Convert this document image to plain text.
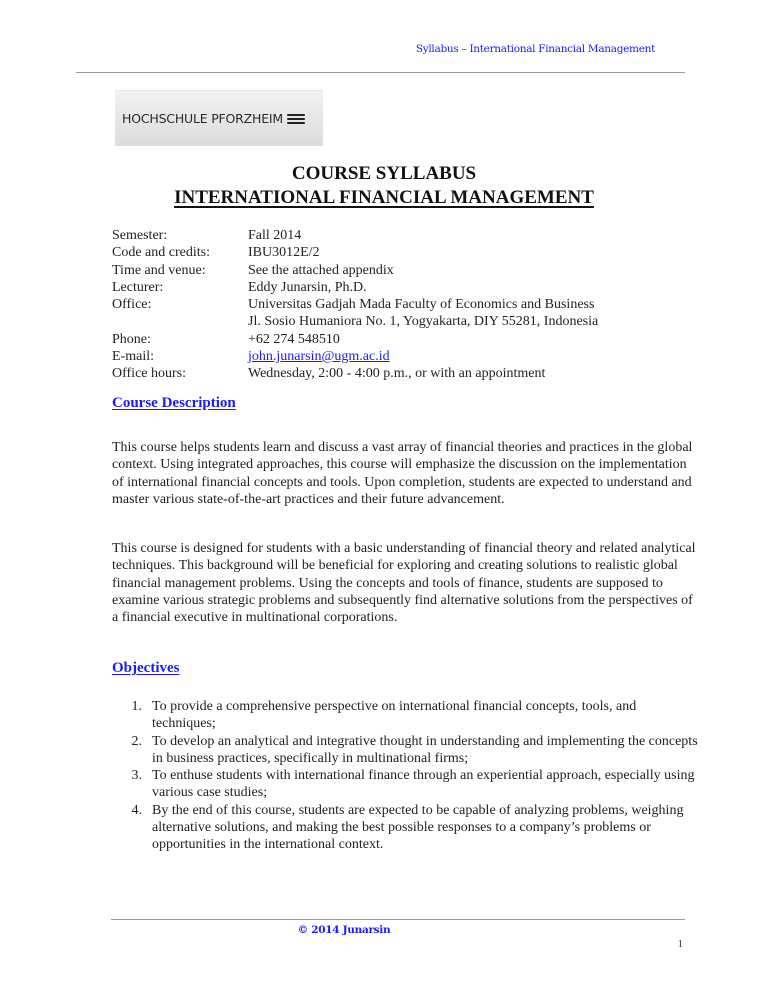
Syllabus – International Financial Management
HOCHSCHULE PFORZHEIM
COURSE SYLLABUS
INTERNATIONAL FINANCIAL MANAGEMENT
Semester:	Fall 2014
Code and credits:	IBU3012E/2
Time and venue:	See the attached appendix
Lecturer:	Eddy Junarsin, Ph.D.
Office:	Universitas Gadjah Mada Faculty of Economics and Business
Jl. Sosio Humaniora No. 1, Yogyakarta, DIY 55281, Indonesia
Phone:	+62 274 548510
E-mail:	john.junarsin@ugm.ac.id
Office hours:	Wednesday, 2:00 - 4:00 p.m., or with an appointment
Course Description
This course helps students learn and discuss a vast array of financial theories and practices in the global context. Using integrated approaches, this course will emphasize the discussion on the implementation of international financial concepts and tools. Upon completion, students are expected to understand and master various state-of-the-art practices and their future advancement.
This course is designed for students with a basic understanding of financial theory and related analytical techniques. This background will be beneficial for exploring and creating solutions to realistic global financial management problems. Using the concepts and tools of finance, students are supposed to examine various strategic problems and subsequently find alternative solutions from the perspectives of a financial executive in multinational corporations.
Objectives
1. To provide a comprehensive perspective on international financial concepts, tools, and techniques;
2. To develop an analytical and integrative thought in understanding and implementing the concepts in business practices, specifically in multinational firms;
3. To enthuse students with international finance through an experiential approach, especially using various case studies;
4. By the end of this course, students are expected to be capable of analyzing problems, weighing alternative solutions, and making the best possible responses to a company’s problems or opportunities in the international context.
© 2014 Junarsin
1
